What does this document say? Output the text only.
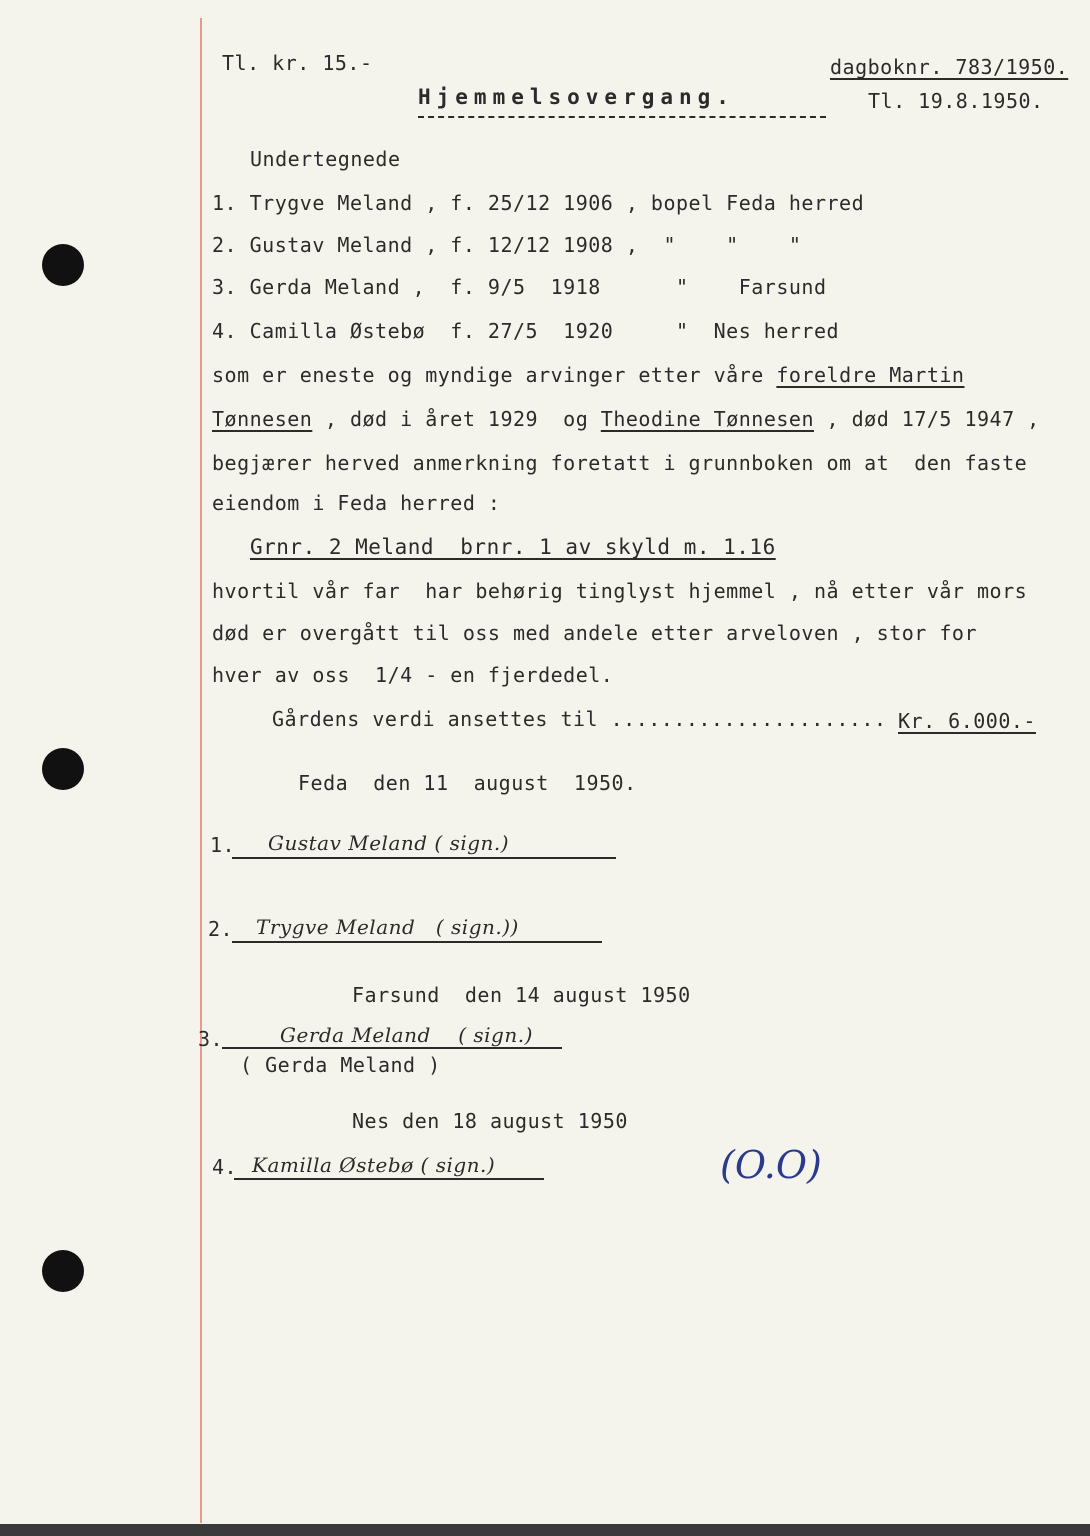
Tl. kr. 15.-	dagboknr. 783/1950.
Hjemmelsovergang.	Tl. 19.8.1950.
Undertegnede
1. Trygve Meland , f. 25/12 1906 , bopel Feda herred
2. Gustav Meland , f. 12/12 1908 ,  "    "    "
3. Gerda Meland ,  f. 9/5  1918      "    Farsund
4. Camilla Østebø  f. 27/5  1920     "  Nes herred
som er eneste og myndige arvinger etter våre foreldre Martin
Tønnesen , død i året 1929  og Theodine Tønnesen , død 17/5 1947 ,
begjærer herved anmerkning foretatt i grunnboken om at  den faste
eiendom i Feda herred :
Grnr. 2 Meland  brnr. 1 av skyld m. 1.16
hvortil vår far  har behørig tinglyst hjemmel , nå etter vår mors
død er overgått til oss med andele etter arveloven , stor for
hver av oss  1/4 - en fjerdedel.
Gårdens verdi ansettes til ...................... Kr. 6.000.-
Feda  den 11  august  1950.
1. Gustav Meland ( sign.)
2. Trygve Meland   ( sign.))
Farsund  den 14 august 1950
3.	Gerda Meland    ( sign.)
( Gerda Meland )
Nes den 18 august 1950
4. Kamilla Østebø ( sign.)	(O.O)
